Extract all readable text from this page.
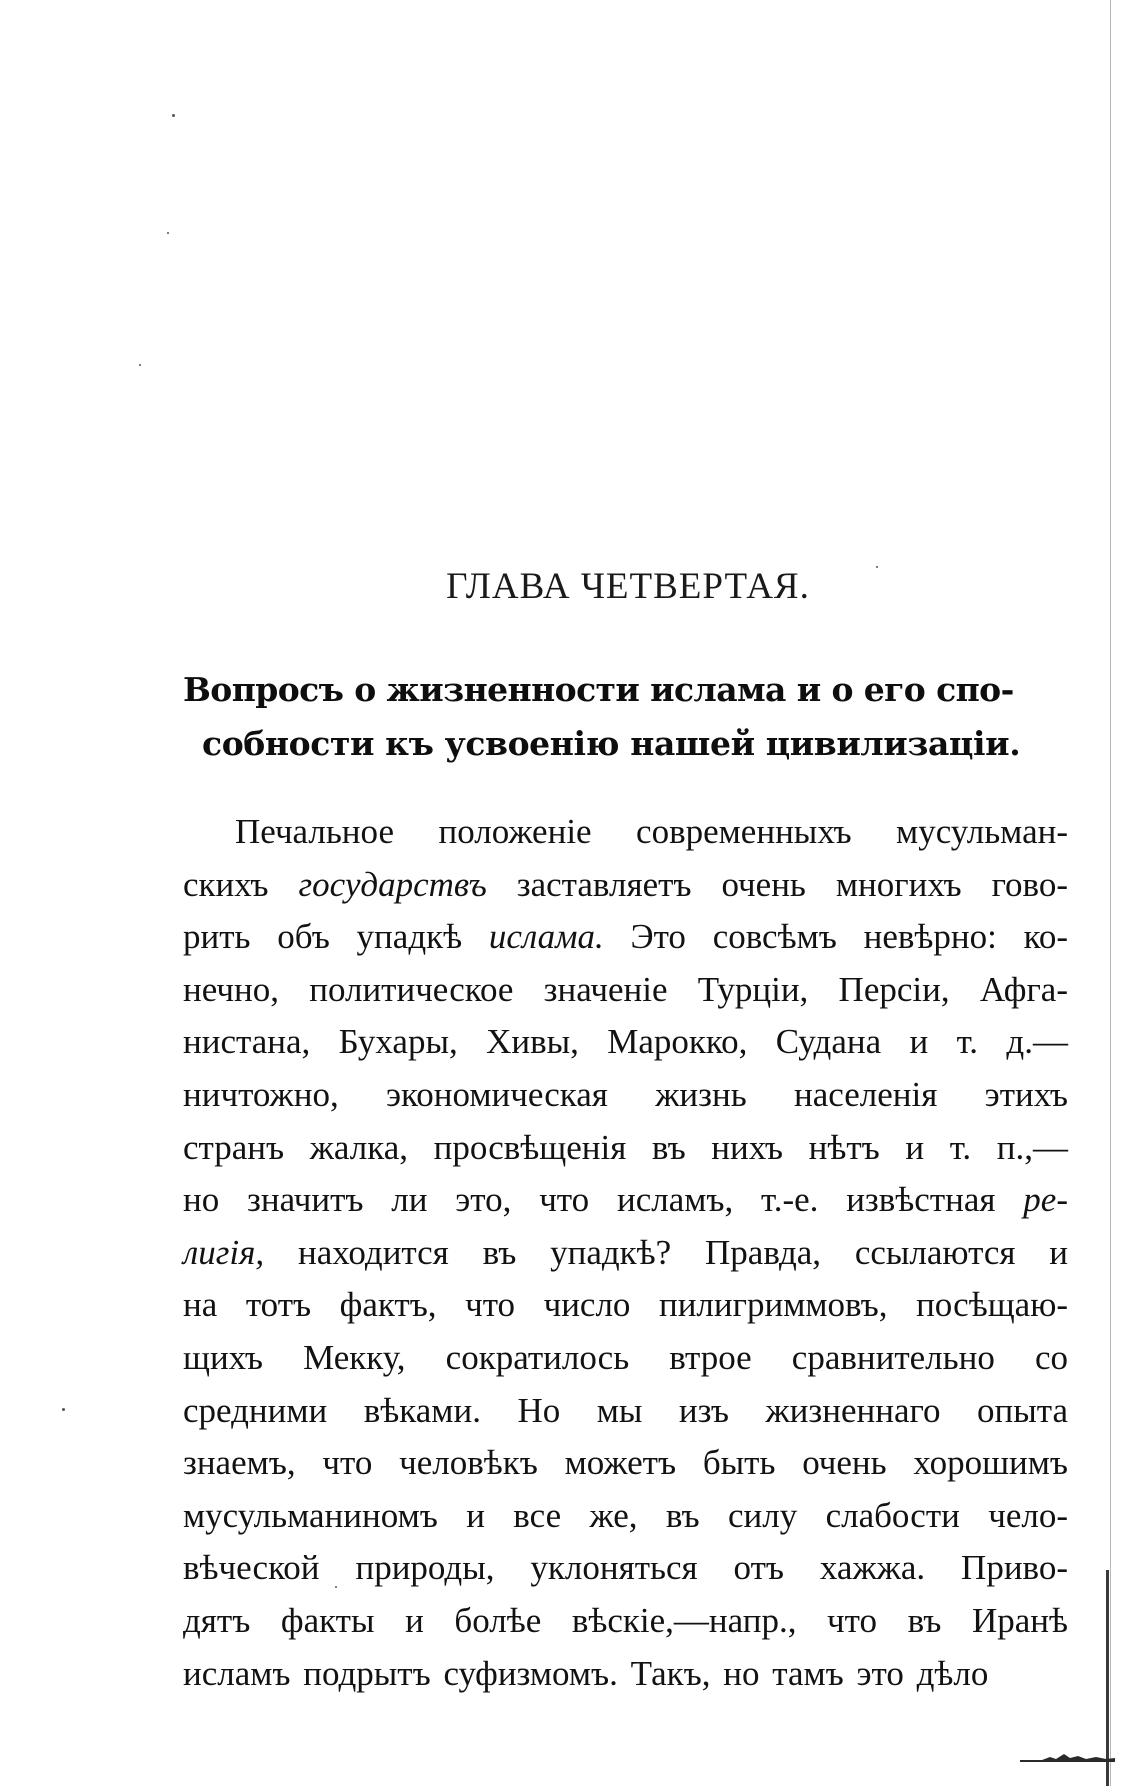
ГЛАВА ЧЕТВЕРТАЯ.
Вопросъ о жизненности ислама и о его спо-
собности къ усвоенію нашей цивилизаціи.
Печальное положеніе современныхъ мусульман-
скихъ государствъ заставляетъ очень многихъ гово-
рить объ упадкѣ ислама. Это совсѣмъ невѣрно: ко-
нечно, политическое значеніе Турціи, Персіи, Афга-
нистана, Бухары, Хивы, Марокко, Судана и т. д.—
ничтожно, экономическая жизнь населенія этихъ
странъ жалка, просвѣщенія въ нихъ нѣтъ и т. п.,—
но значитъ ли это, что исламъ, т.-е. извѣстная ре-
лигія, находится въ упадкѣ? Правда, ссылаются и
на тотъ фактъ, что число пилигриммовъ, посѣщаю-
щихъ Мекку, сократилось втрое сравнительно со
средними вѣками. Но мы изъ жизненнаго опыта
знаемъ, что человѣкъ можетъ быть очень хорошимъ
мусульманиномъ и все же, въ силу слабости чело-
вѣческой природы, уклоняться отъ хажжа. Приво-
дятъ факты и болѣе вѣскіе,—напр., что въ Иранѣ
исламъ подрытъ суфизмомъ. Такъ, но тамъ это дѣло
